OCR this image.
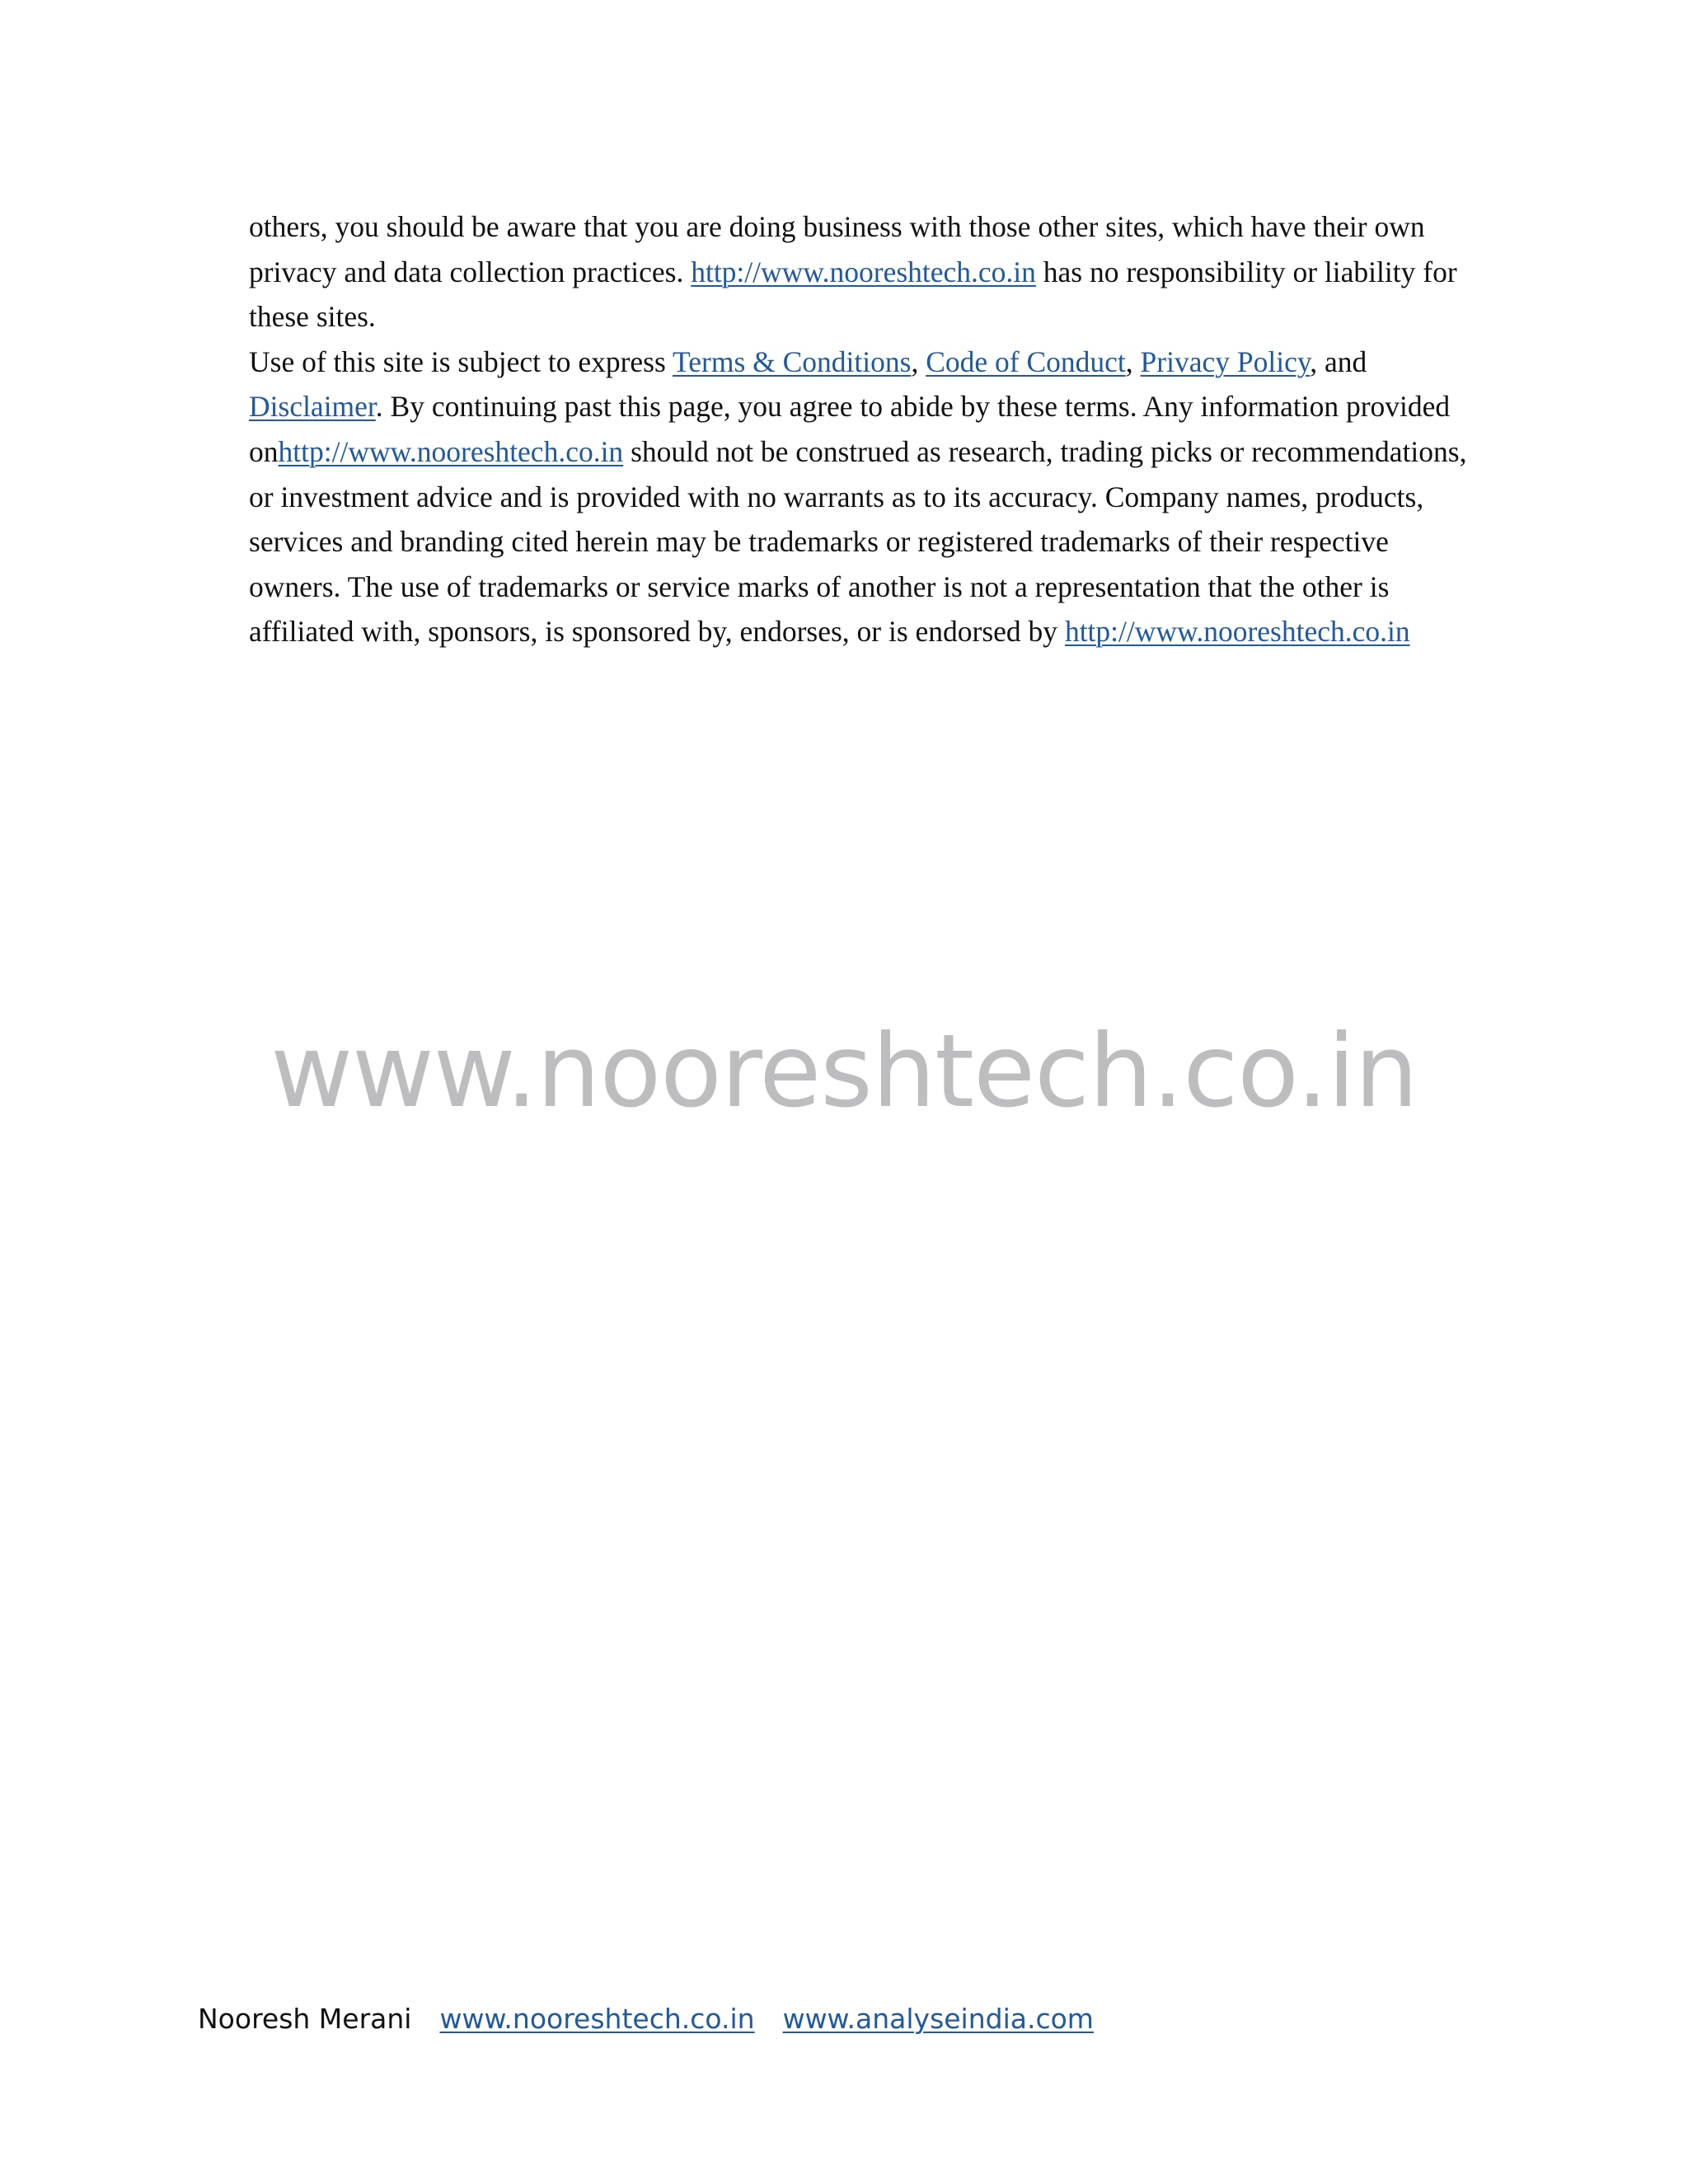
others, you should be aware that you are doing business with those other sites, which have their own privacy and data collection practices. http://www.nooreshtech.co.in has no responsibility or liability for these sites.

Use of this site is subject to express Terms & Conditions, Code of Conduct, Privacy Policy, and Disclaimer. By continuing past this page, you agree to abide by these terms. Any information provided onhttp://www.nooreshtech.co.in should not be construed as research, trading picks or recommendations, or investment advice and is provided with no warrants as to its accuracy. Company names, products, services and branding cited herein may be trademarks or registered trademarks of their respective owners. The use of trademarks or service marks of another is not a representation that the other is affiliated with, sponsors, is sponsored by, endorses, or is endorsed by http://www.nooreshtech.co.in

www.nooreshtech.co.in
Nooresh Merani www.nooreshtech.co.in www.analyseindia.com
